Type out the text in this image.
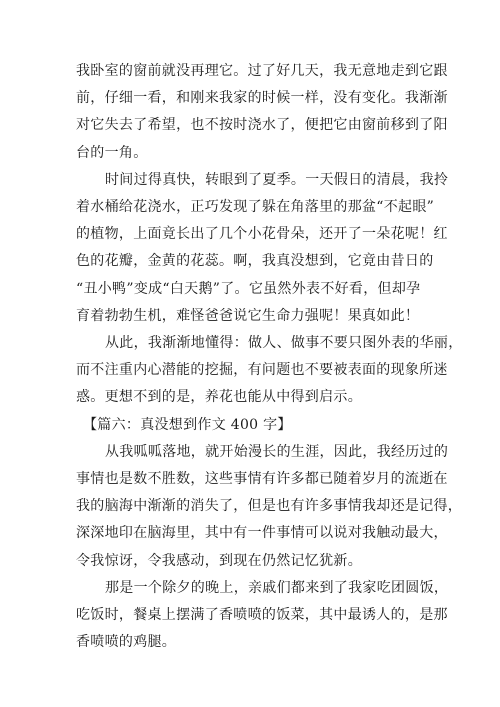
我卧室的窗前就没再理它。过了好几天，我无意地走到它跟
前，仔细一看，和刚来我家的时候一样，没有变化。我渐渐
对它失去了希望，也不按时浇水了，便把它由窗前移到了阳
台的一角。

时间过得真快，转眼到了夏季。一天假日的清晨，我拎
着水桶给花浇水，正巧发现了躲在角落里的那盆“不起眼”
的植物，上面竟长出了几个小花骨朵，还开了一朵花呢！红
色的花瓣，金黄的花蕊。啊，我真没想到，它竟由昔日的
“丑小鸭”变成“白天鹅”了。它虽然外表不好看，但却孕
育着勃勃生机，难怪爸爸说它生命力强呢！果真如此！

从此，我渐渐地懂得：做人、做事不要只图外表的华丽，
而不注重内心潜能的挖掘，有问题也不要被表面的现象所迷
惑。更想不到的是，养花也能从中得到启示。

【篇六：真没想到作文 400 字】

从我呱呱落地，就开始漫长的生涯，因此，我经历过的
事情也是数不胜数，这些事情有许多都已随着岁月的流逝在
我的脑海中渐渐的消失了，但是也有许多事情我却还是记得，
深深地印在脑海里，其中有一件事情可以说对我触动最大，
令我惊讶，令我感动，到现在仍然记忆犹新。

那是一个除夕的晚上，亲戚们都来到了我家吃团圆饭，
吃饭时，餐桌上摆满了香喷喷的饭菜，其中最诱人的，是那
香喷喷的鸡腿。
